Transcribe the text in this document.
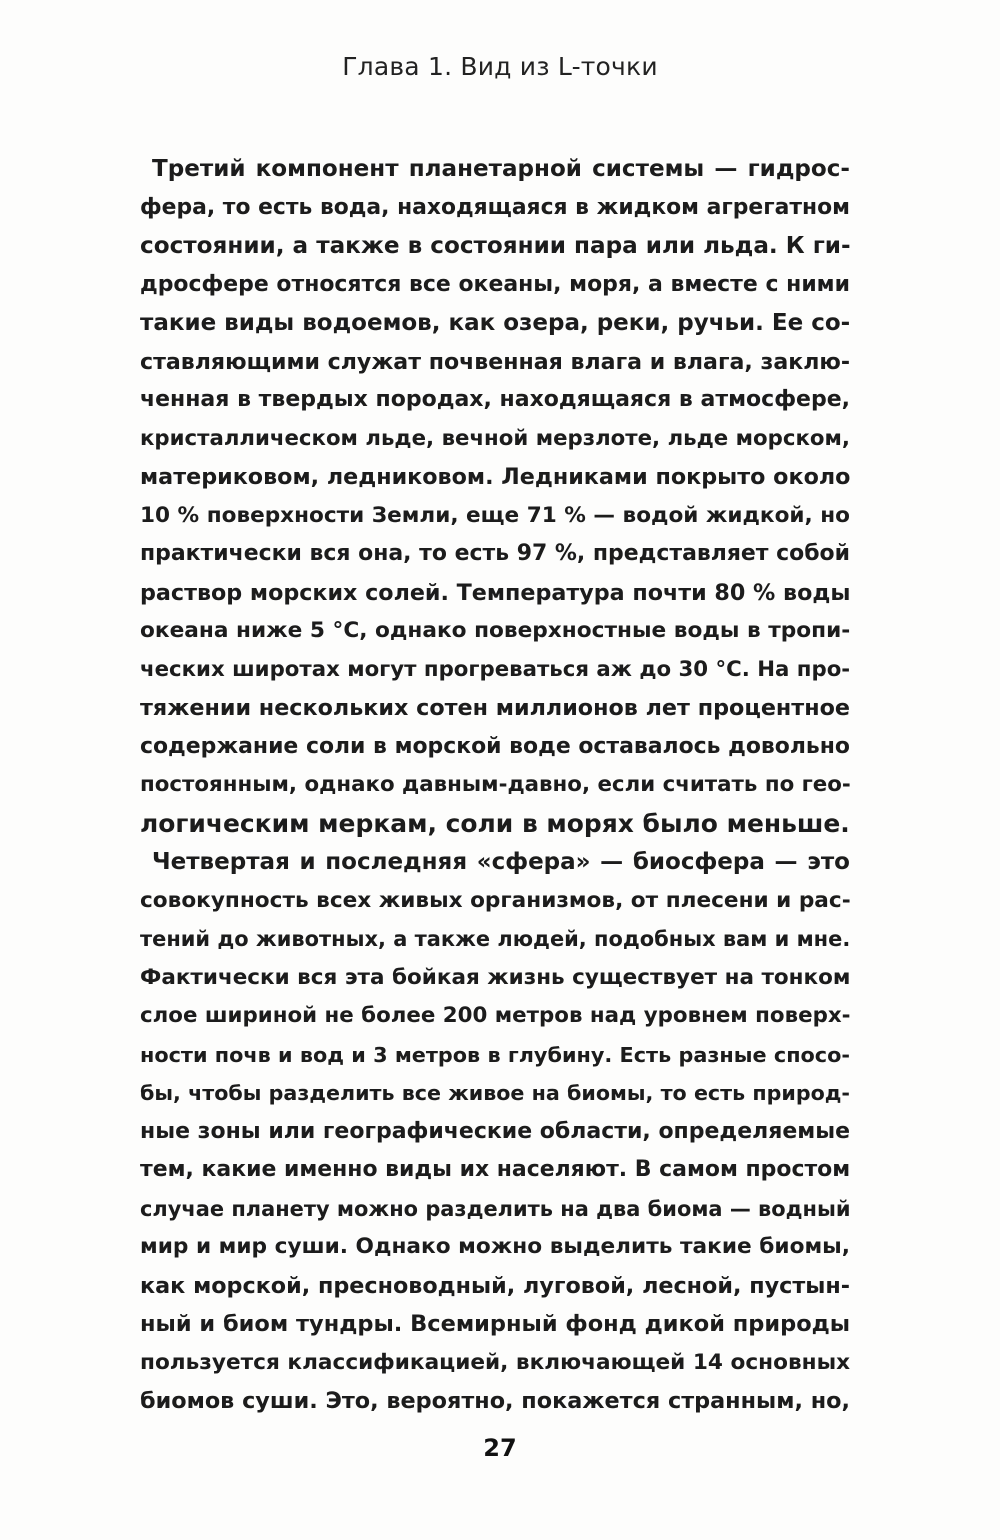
Глава 1. Вид из L-точки
Третий компонент планетарной системы — гидрос-
фера, то есть вода, находящаяся в жидком агрегатном
состоянии, а также в состоянии пара или льда. К ги-
дросфере относятся все океаны, моря, а вместе с ними
такие виды водоемов, как озера, реки, ручьи. Ее со-
ставляющими служат почвенная влага и влага, заклю-
ченная в твердых породах, находящаяся в атмосфере,
кристаллическом льде, вечной мерзлоте, льде морском,
материковом, ледниковом. Ледниками покрыто около
10 % поверхности Земли, еще 71 % — водой жидкой, но
практически вся она, то есть 97 %, представляет собой
раствор морских солей. Температура почти 80 % воды
океана ниже 5 °C, однако поверхностные воды в тропи-
ческих широтах могут прогреваться аж до 30 °C. На про-
тяжении нескольких сотен миллионов лет процентное
содержание соли в морской воде оставалось довольно
постоянным, однако давным-давно, если считать по гео-
логическим меркам, соли в морях было меньше.
Четвертая и последняя «сфера» — биосфера — это
совокупность всех живых организмов, от плесени и рас-
тений до животных, а также людей, подобных вам и мне.
Фактически вся эта бойкая жизнь существует на тонком
слое шириной не более 200 метров над уровнем поверх-
ности почв и вод и 3 метров в глубину. Есть разные спосо-
бы, чтобы разделить все живое на биомы, то есть природ-
ные зоны или географические области, определяемые
тем, какие именно виды их населяют. В самом простом
случае планету можно разделить на два биома — водный
мир и мир суши. Однако можно выделить такие биомы,
как морской, пресноводный, луговой, лесной, пустын-
ный и биом тундры. Всемирный фонд дикой природы
пользуется классификацией, включающей 14 основных
биомов суши. Это, вероятно, покажется странным, но,
27
